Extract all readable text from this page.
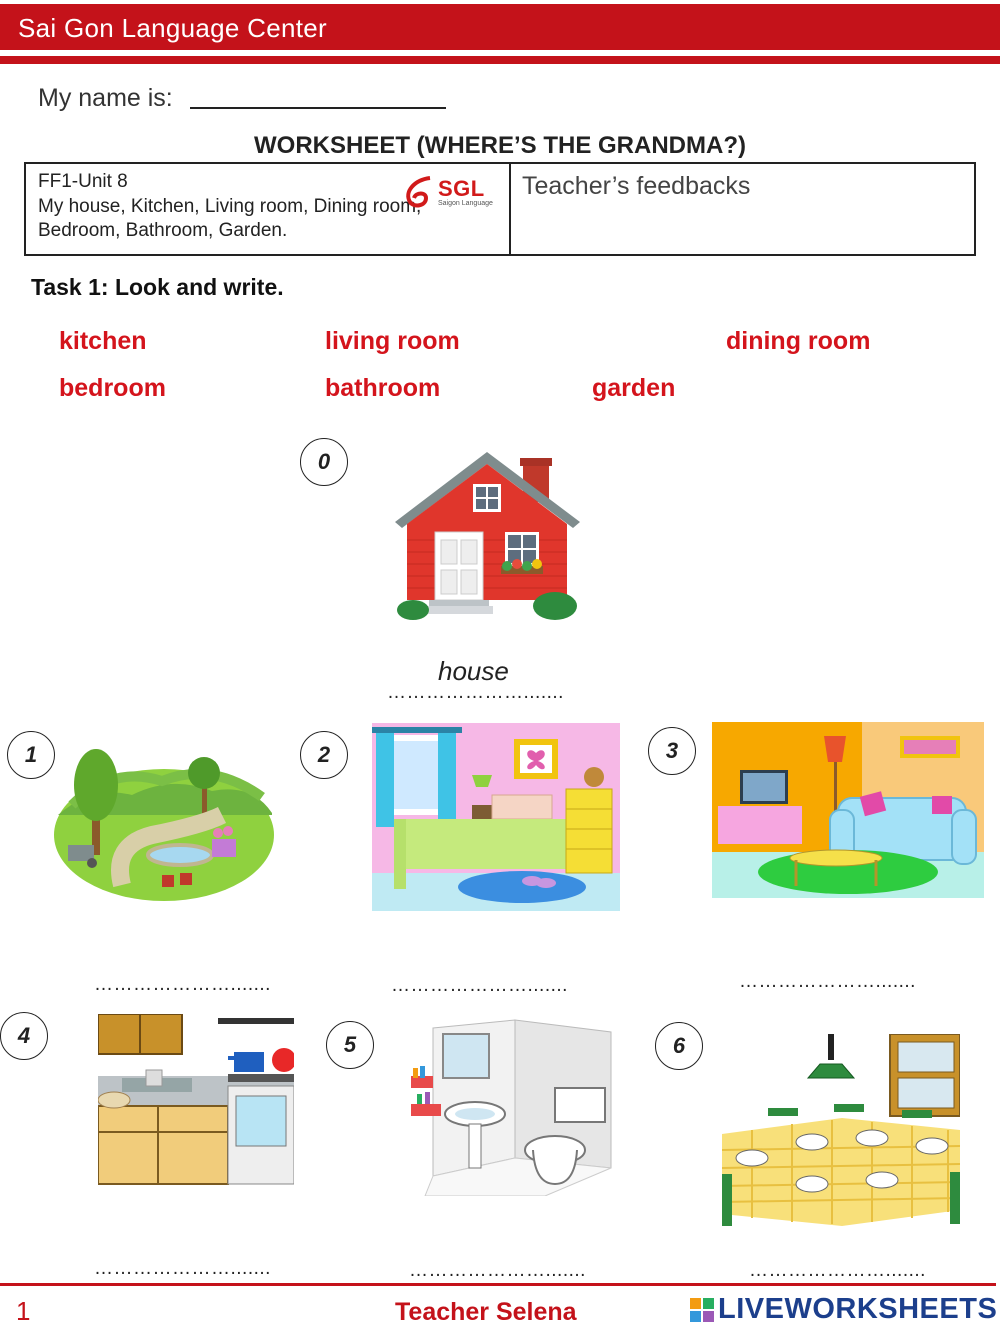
Sai Gon Language Center
My name is:
WORKSHEET (WHERE’S THE GRANDMA?)
FF1-Unit 8
My house, Kitchen, Living room, Dining room,
Bedroom, Bathroom, Garden.
SGL
Saigon Language
Teacher’s feedbacks
Task 1: Look and write.
kitchen	living room	dining room
bedroom	bathroom	garden
0
house
………………….......
1
………………….......
2
………………….......
3
………………….......
4
………………….......
5
………………….......
6
………………….......
1	Teacher Selena	LIVEWORKSHEETS
